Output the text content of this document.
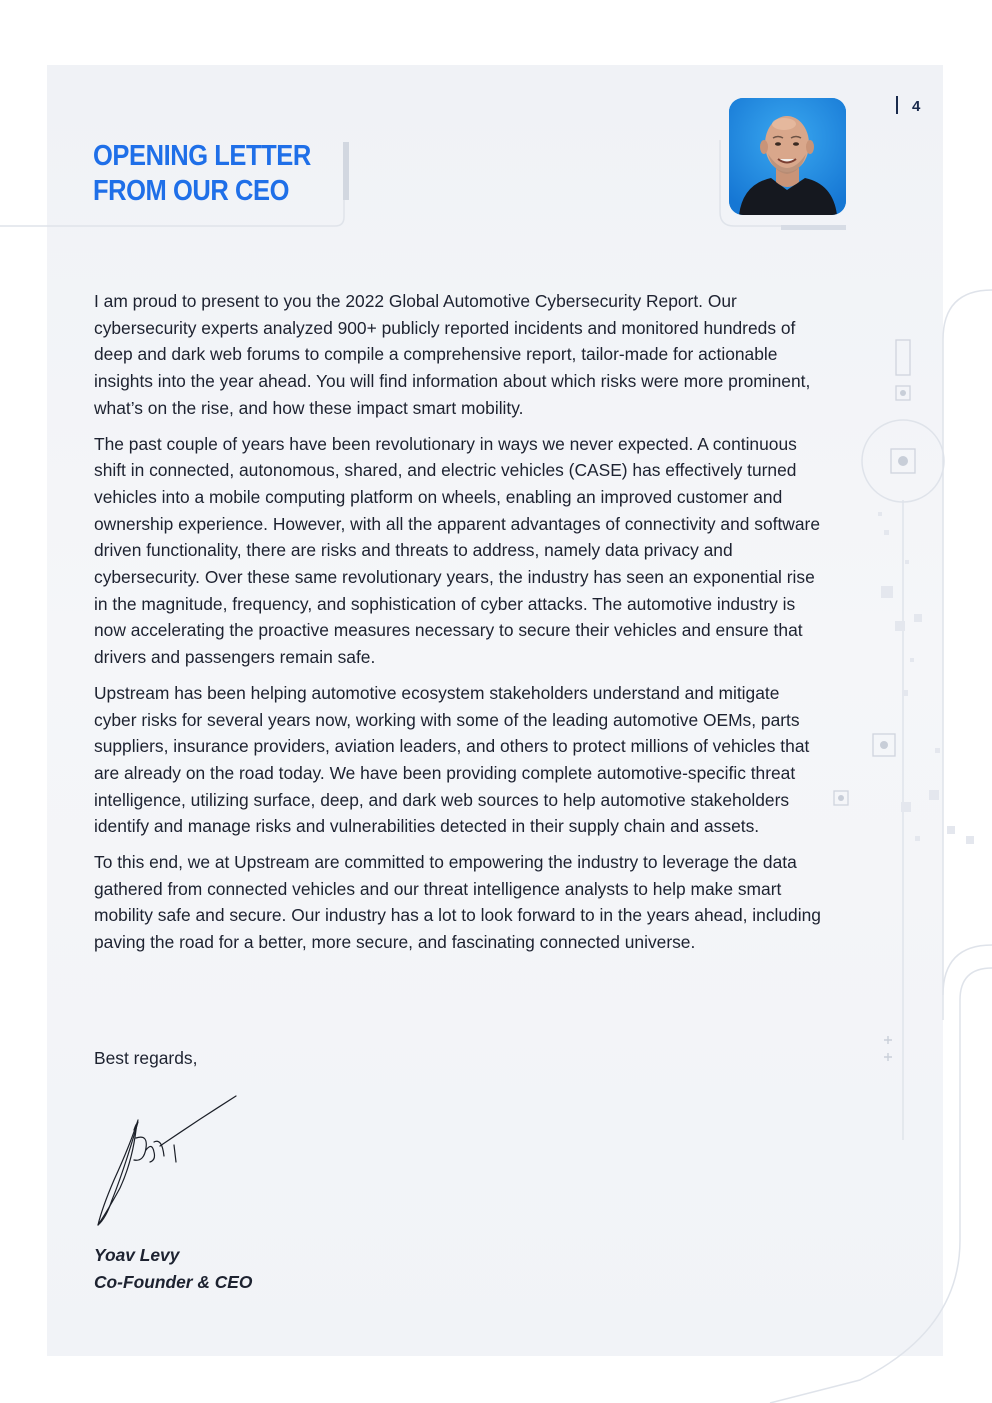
4
OPENING LETTER
FROM OUR CEO

I am proud to present to you the 2022 Global Automotive Cybersecurity Report. Our cybersecurity experts analyzed 900+ publicly reported incidents and monitored hundreds of deep and dark web forums to compile a comprehensive report, tailor-made for actionable insights into the year ahead. You will find information about which risks were more prominent, what’s on the rise, and how these impact smart mobility.

The past couple of years have been revolutionary in ways we never expected. A continuous shift in connected, autonomous, shared, and electric vehicles (CASE) has effectively turned vehicles into a mobile computing platform on wheels, enabling an improved customer and ownership experience. However, with all the apparent advantages of connectivity and software driven functionality, there are risks and threats to address, namely data privacy and cybersecurity. Over these same revolutionary years, the industry has seen an exponential rise in the magnitude, frequency, and sophistication of cyber attacks. The automotive industry is now accelerating the proactive measures necessary to secure their vehicles and ensure that drivers and passengers remain safe.

Upstream has been helping automotive ecosystem stakeholders understand and mitigate cyber risks for several years now, working with some of the leading automotive OEMs, parts suppliers, insurance providers, aviation leaders, and others to protect millions of vehicles that are already on the road today. We have been providing complete automotive-specific threat intelligence, utilizing surface, deep, and dark web sources to help automotive stakeholders identify and manage risks and vulnerabilities detected in their supply chain and assets.

To this end, we at Upstream are committed to empowering the industry to leverage the data gathered from connected vehicles and our threat intelligence analysts to help make smart mobility safe and secure. Our industry has a lot to look forward to in the years ahead, including paving the road for a better, more secure, and fascinating connected universe.

Best regards,
Yoav Levy
Co-Founder & CEO
